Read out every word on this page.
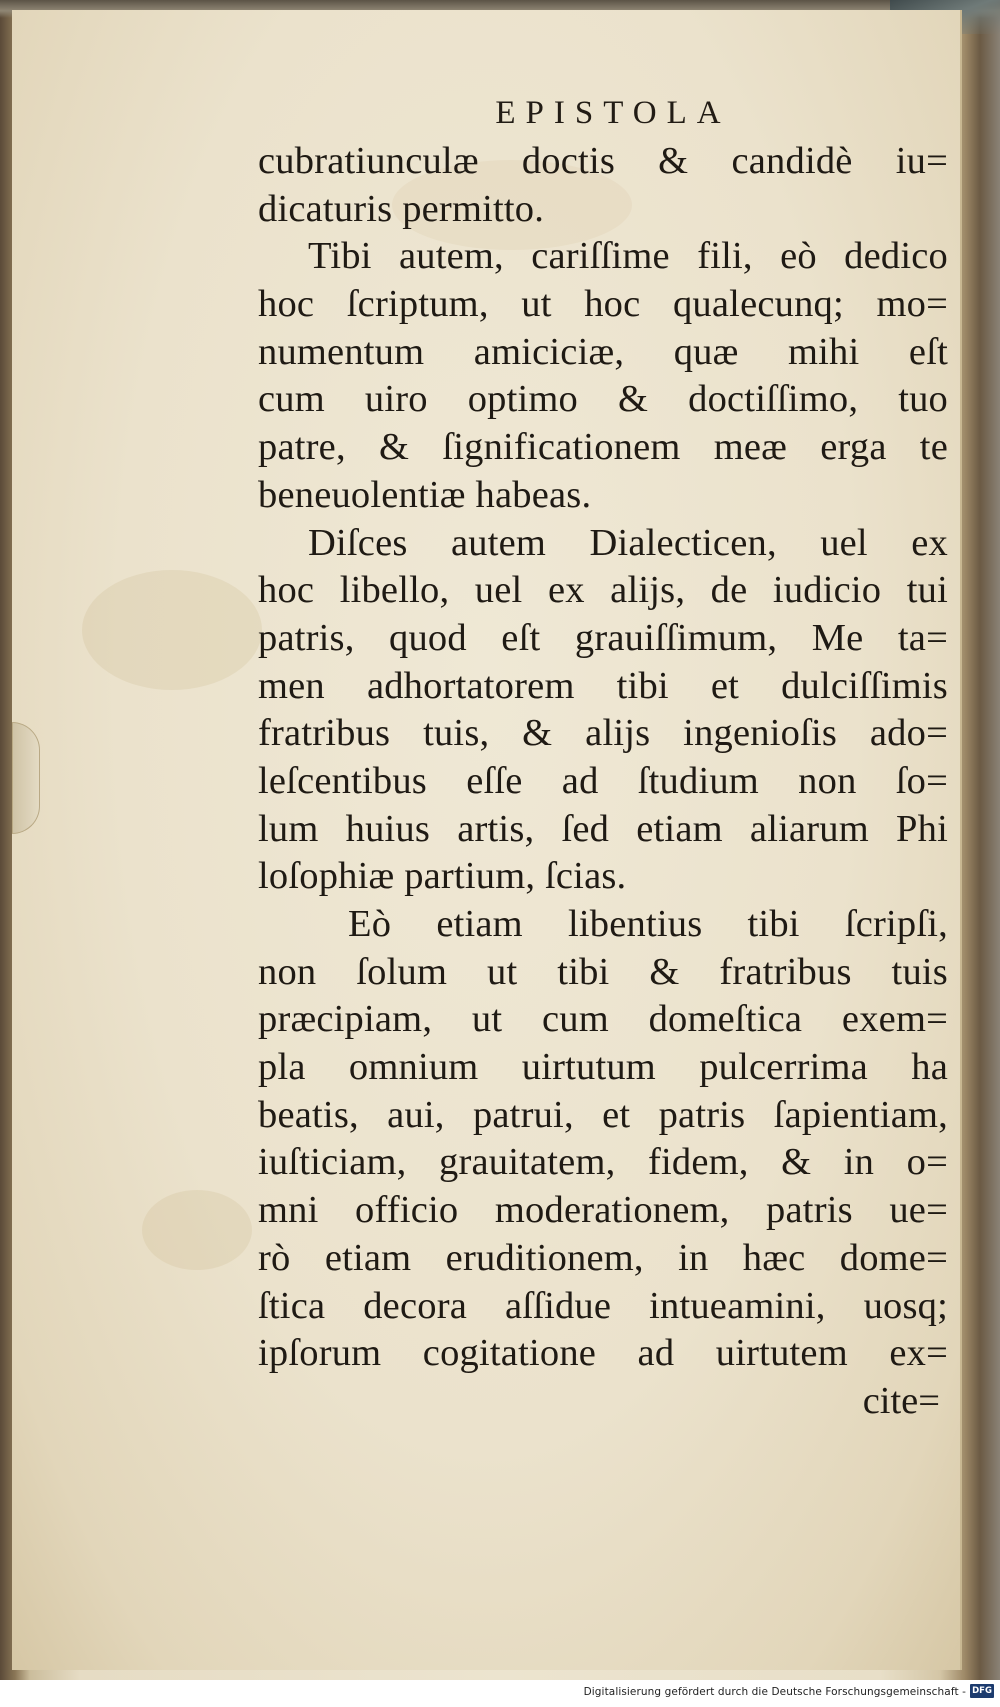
EPISTOLA
cubratiunculæ doctis & candidè iu=
dicaturis permitto.
Tibi autem, cariſſime fili, eò dedico
hoc ſcriptum, ut hoc qualecunq; mo=
numentum amiciciæ, quæ mihi eſt
cum uiro optimo & doctiſſimo, tuo
patre, & ſignificationem meæ erga te
beneuolentiæ habeas.
Diſces autem Dialecticen, uel ex
hoc libello, uel ex aliјs, de iudicio tui
patris, quod eſt grauiſſimum, Me ta=
men adhortatorem tibi et dulciſſimis
fratribus tuis, & aliјs ingenioſis ado=
leſcentibus eſſe ad ſtudium non ſo=
lum huius artis, ſed etiam aliarum Phi
loſophiæ partium, ſcias.
Eò etiam libentius tibi ſcripſi,
non ſolum ut tibi & fratribus tuis
præcipiam, ut cum domeſtica exem=
pla omnium uirtutum pulcerrima ha
beatis, aui, patrui, et patris ſapientiam,
iuſticiam, grauitatem, fidem, & in o=
mni officio moderationem, patris ue=
rò etiam eruditionem, in hæc dome=
ſtica decora aſſidue intueamini, uosq;
ipſorum cogitatione ad uirtutem ex=
cite=
Digitalisierung gefördert durch die Deutsche Forschungsgemeinschaft - DFG
